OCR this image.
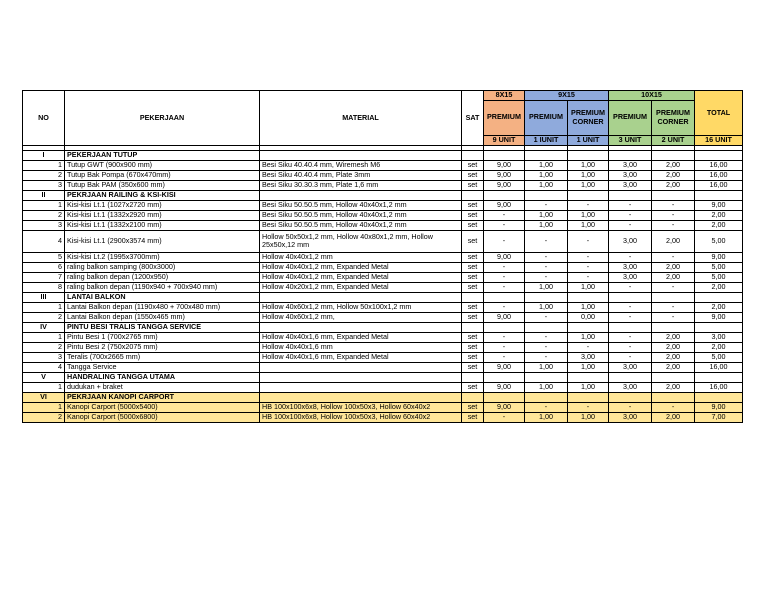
NO	PEKERJAAN	MATERIAL	SAT	8X15	9X15		10X15		TOTAL
				PREMIUM	PREMIUM	PREMIUM CORNER	PREMIUM	PREMIUM CORNER	
				9 UNIT	1 IUNIT	1 UNIT	3 UNIT	2 UNIT	16 UNIT

I	PEKERJAAN TUTUP								
1	Tutup GWT (900x900 mm)	Besi Siku 40.40.4 mm, Wiremesh M6	set	9,00	1,00	1,00	3,00	2,00	16,00
2	Tutup Bak Pompa (670x470mm)	Besi Siku 40.40.4 mm, Plate 3mm	set	9,00	1,00	1,00	3,00	2,00	16,00
3	Tutup Bak PAM (350x600 mm)	Besi Siku 30.30.3 mm, Plate 1,6 mm	set	9,00	1,00	1,00	3,00	2,00	16,00
II	PEKRJAAN RAILING & KSI-KISI								
1	Kisi-kisi Lt.1 (1027x2720 mm)	Besi Siku 50.50.5 mm, Hollow 40x40x1,2 mm	set	9,00	-	-	-	-	9,00
2	Kisi-kisi Lt.1 (1332x2920 mm)	Besi Siku 50.50.5 mm, Hollow 40x40x1,2 mm	set	-	1,00	1,00	-	-	2,00
3	Kisi-kisi Lt.1 (1332x2100 mm)	Besi Siku 50.50.5 mm, Hollow 40x40x1,2 mm	set	-	1,00	1,00	-	-	2,00
4	Kisi-kisi Lt.1 (2900x3574 mm)	Hollow 50x50x1,2 mm, Hollow 40x80x1,2 mm, Hollow 25x50x,12 mm	set	-	-	-	3,00	2,00	5,00
5	Kisi-kisi Lt.2 (1995x3700mm)	Hollow 40x40x1,2 mm	set	9,00	-	-	-	-	9,00
6	raling balkon samping (800x3000)	Hollow 40x40x1,2 mm, Expanded Metal	set	-	-	-	3,00	2,00	5,00
7	raling balkon depan (1200x950)	Hollow 40x40x1,2 mm, Expanded Metal	set	-	-	-	3,00	2,00	5,00
8	raling balkon depan (1190x940 + 700x940 mm)	Hollow 40x20x1,2 mm, Expanded Metal	set	-	1,00	1,00	-	-	2,00
III	LANTAI BALKON								
1	Lantai Balkon depan (1190x480 + 700x480 mm)	Hollow 40x60x1,2 mm, Hollow 50x100x1,2 mm	set	-	1,00	1,00	-	-	2,00
2	Lantai Balkon depan (1550x465 mm)	Hollow 40x60x1,2 mm,	set	9,00	-	0,00	-	-	9,00
IV	PINTU BESI TRALIS TANGGA SERVICE								
1	Pintu Besi 1 (700x2765 mm)	Hollow 40x40x1,6 mm, Expanded Metal	set	-	-	1,00	-	2,00	3,00
2	Pintu Besi 2 (750x2075 mm)	Hollow 40x40x1,6 mm	set	-	-	-	-	2,00	2,00
3	Teralis (700x2665 mm)	Hollow 40x40x1,6 mm, Expanded Metal	set	-	-	3,00	-	2,00	5,00
4	Tangga Service		set	9,00	1,00	1,00	3,00	2,00	16,00
V	HANDRALING TANGGA UTAMA								
1	dudukan + braket		set	9,00	1,00	1,00	3,00	2,00	16,00
VI	PEKRJAAN KANOPI CARPORT								
1	Kanopi Carport (5000x5400)	HB 100x100x6x8, Hollow 100x50x3, Hollow 60x40x2	set	9,00	-	-	-	-	9,00
2	Kanopi Carport (5000x6800)	HB 100x100x6x8, Hollow 100x50x3, Hollow 60x40x2	set	-	1,00	1,00	3,00	2,00	7,00
